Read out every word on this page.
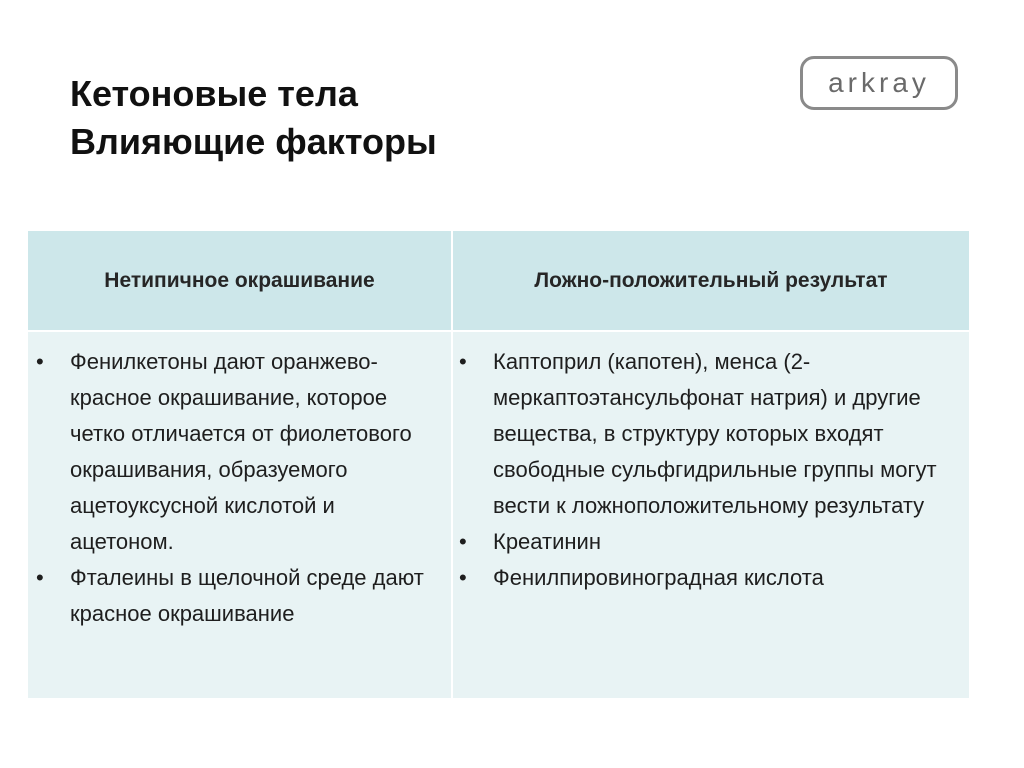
Кетоновые тела
Влияющие факторы
arkray
Нетипичное окрашивание	Ложно-положительный результат
• Фенилкетоны дают оранжево-красное окрашивание, которое четко отличается от фиолетового окрашивания, образуемого ацетоуксусной кислотой и ацетоном.
• Фталеины в щелочной среде дают красное окрашивание
• Каптоприл (капотен), менса (2-меркаптоэтансульфонат натрия) и другие вещества, в структуру которых входят свободные сульфгидрильные группы могут вести к ложноположительному результату
• Креатинин
• Фенилпировиноградная кислота
